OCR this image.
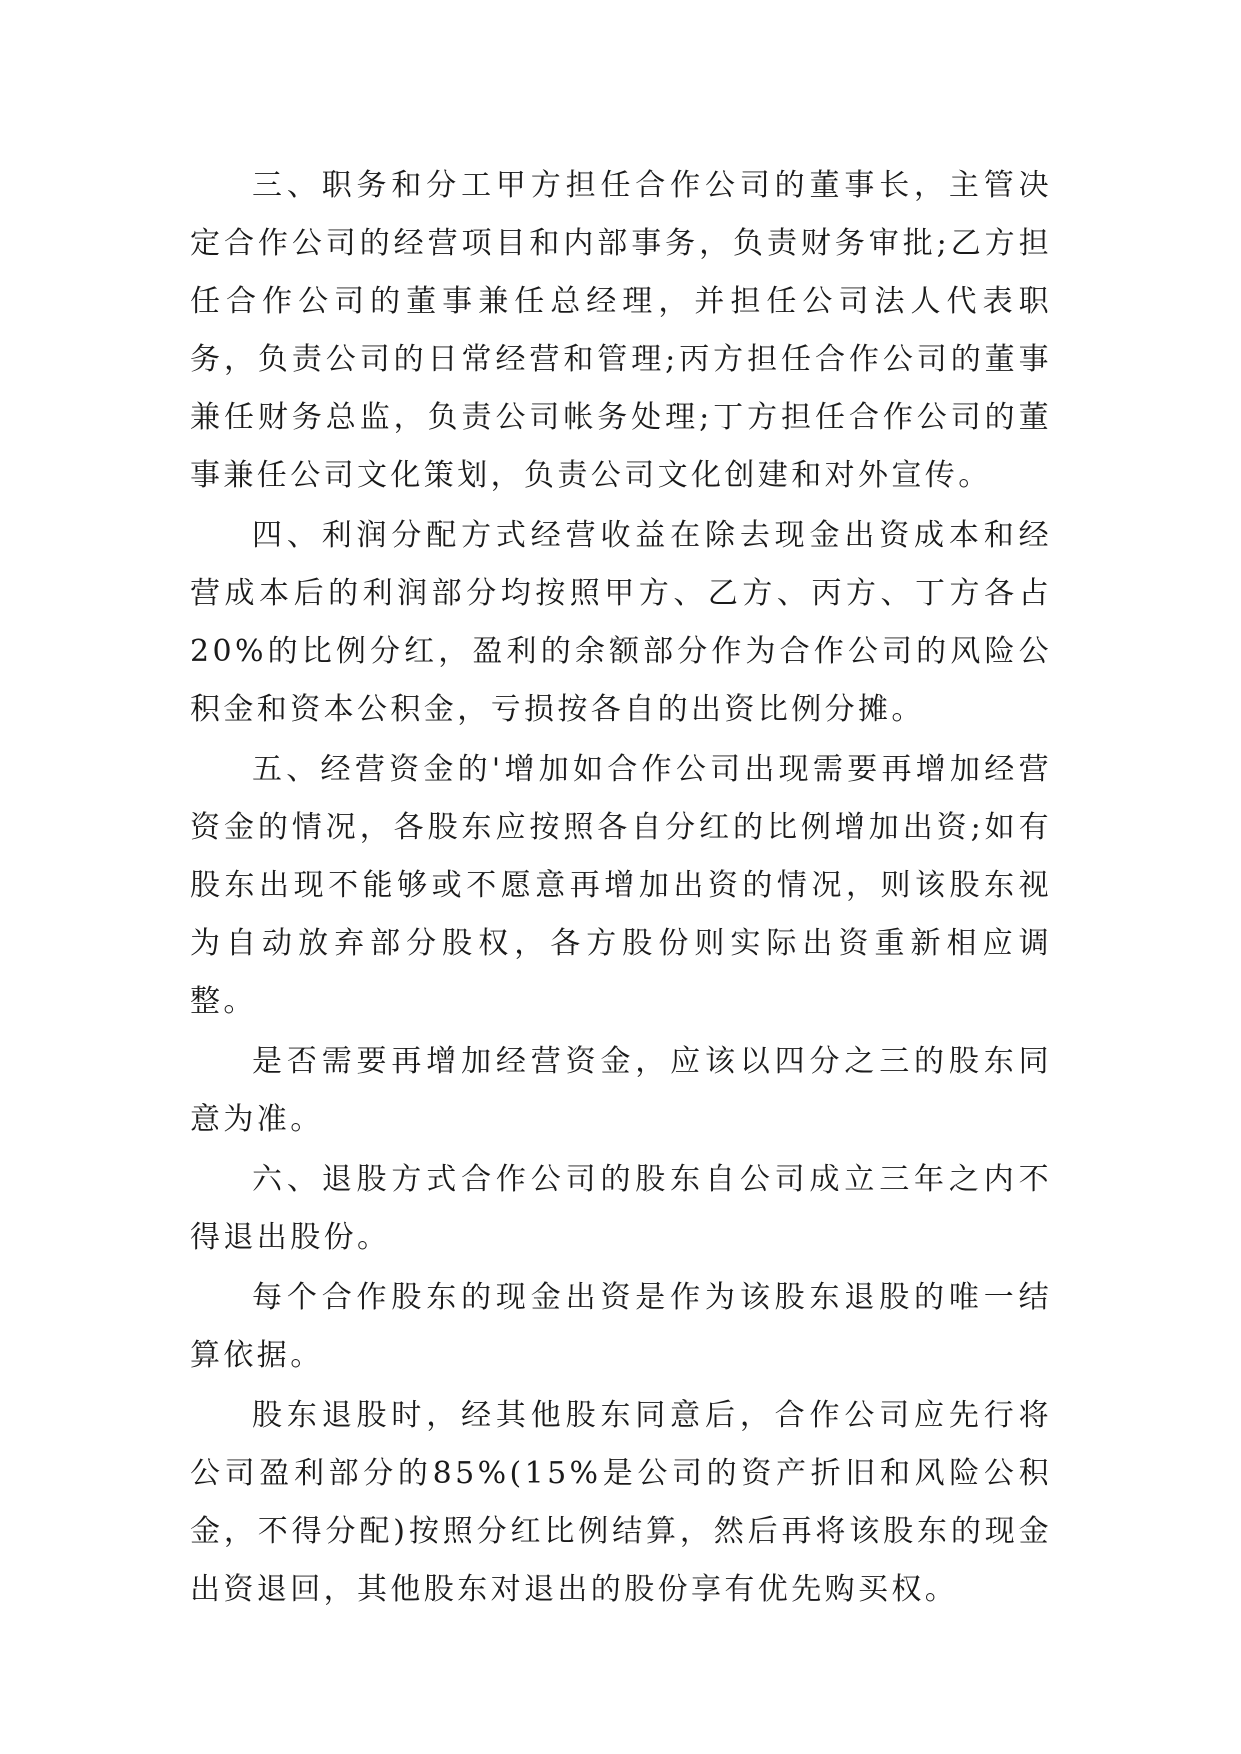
三、职务和分工甲方担任合作公司的董事长，主管决定合作公司的经营项目和内部事务，负责财务审批;乙方担任合作公司的董事兼任总经理，并担任公司法人代表职务，负责公司的日常经营和管理;丙方担任合作公司的董事兼任财务总监，负责公司帐务处理;丁方担任合作公司的董事兼任公司文化策划，负责公司文化创建和对外宣传。

四、利润分配方式经营收益在除去现金出资成本和经营成本后的利润部分均按照甲方、乙方、丙方、丁方各占20%的比例分红，盈利的余额部分作为合作公司的风险公积金和资本公积金，亏损按各自的出资比例分摊。

五、经营资金的'增加如合作公司出现需要再增加经营资金的情况，各股东应按照各自分红的比例增加出资;如有股东出现不能够或不愿意再增加出资的情况，则该股东视为自动放弃部分股权，各方股份则实际出资重新相应调整。

是否需要再增加经营资金，应该以四分之三的股东同意为准。

六、退股方式合作公司的股东自公司成立三年之内不得退出股份。

每个合作股东的现金出资是作为该股东退股的唯一结算依据。

股东退股时，经其他股东同意后，合作公司应先行将公司盈利部分的85%(15%是公司的资产折旧和风险公积金，不得分配)按照分红比例结算，然后再将该股东的现金出资退回，其他股东对退出的股份享有优先购买权。
